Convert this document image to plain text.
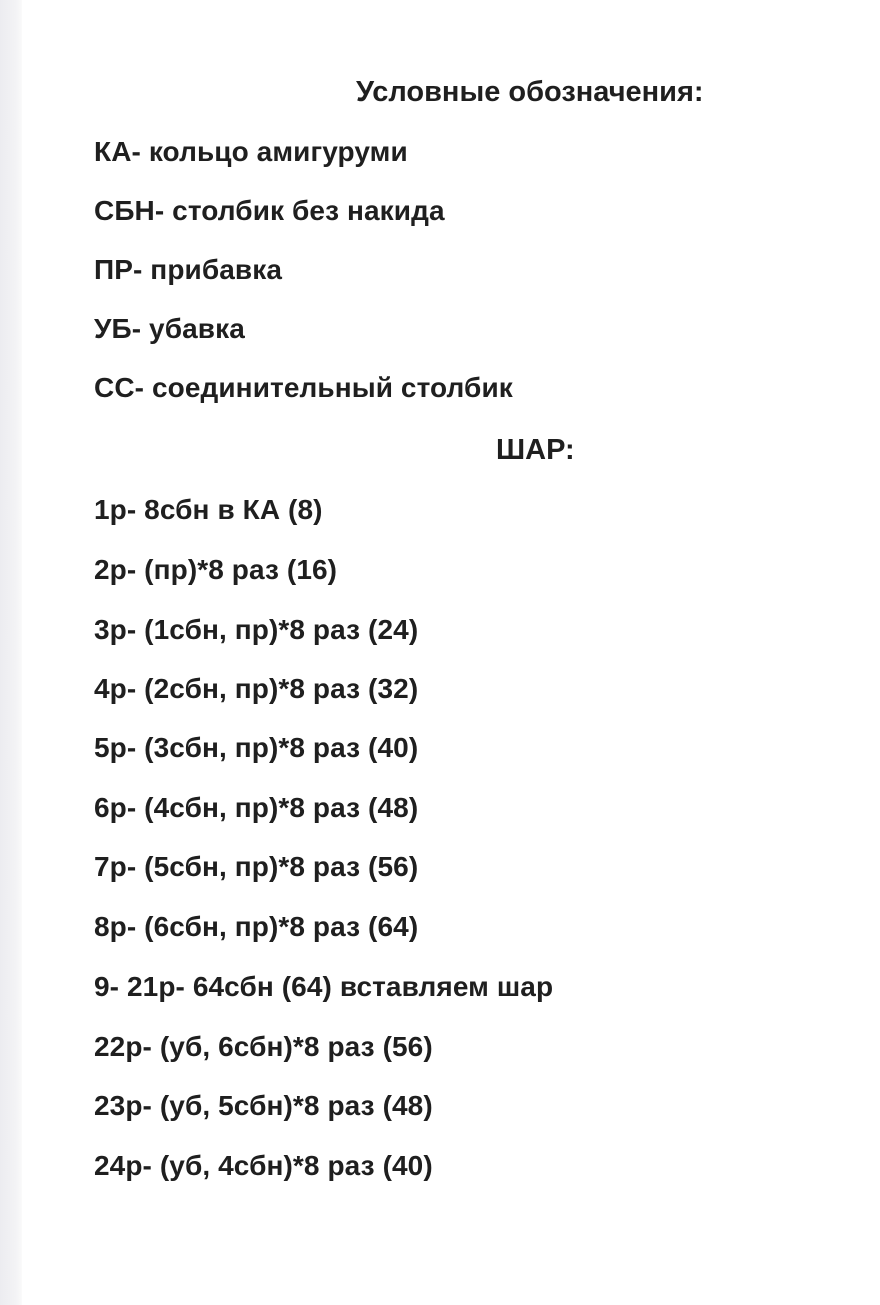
Условные обозначения:
КА- кольцо амигуруми
СБН- столбик без накида
ПР- прибавка
УБ- убавка
СС- соединительный столбик
ШАР:
1р- 8сбн в КА (8)
2р- (пр)*8 раз (16)
3р- (1сбн, пр)*8 раз (24)
4р- (2сбн, пр)*8 раз (32)
5р- (3сбн, пр)*8 раз (40)
6р- (4сбн, пр)*8 раз (48)
7р- (5сбн, пр)*8 раз (56)
8р- (6сбн, пр)*8 раз (64)
9- 21р- 64сбн (64) вставляем шар
22р- (уб, 6сбн)*8 раз (56)
23р- (уб, 5сбн)*8 раз (48)
24р- (уб, 4сбн)*8 раз (40)
